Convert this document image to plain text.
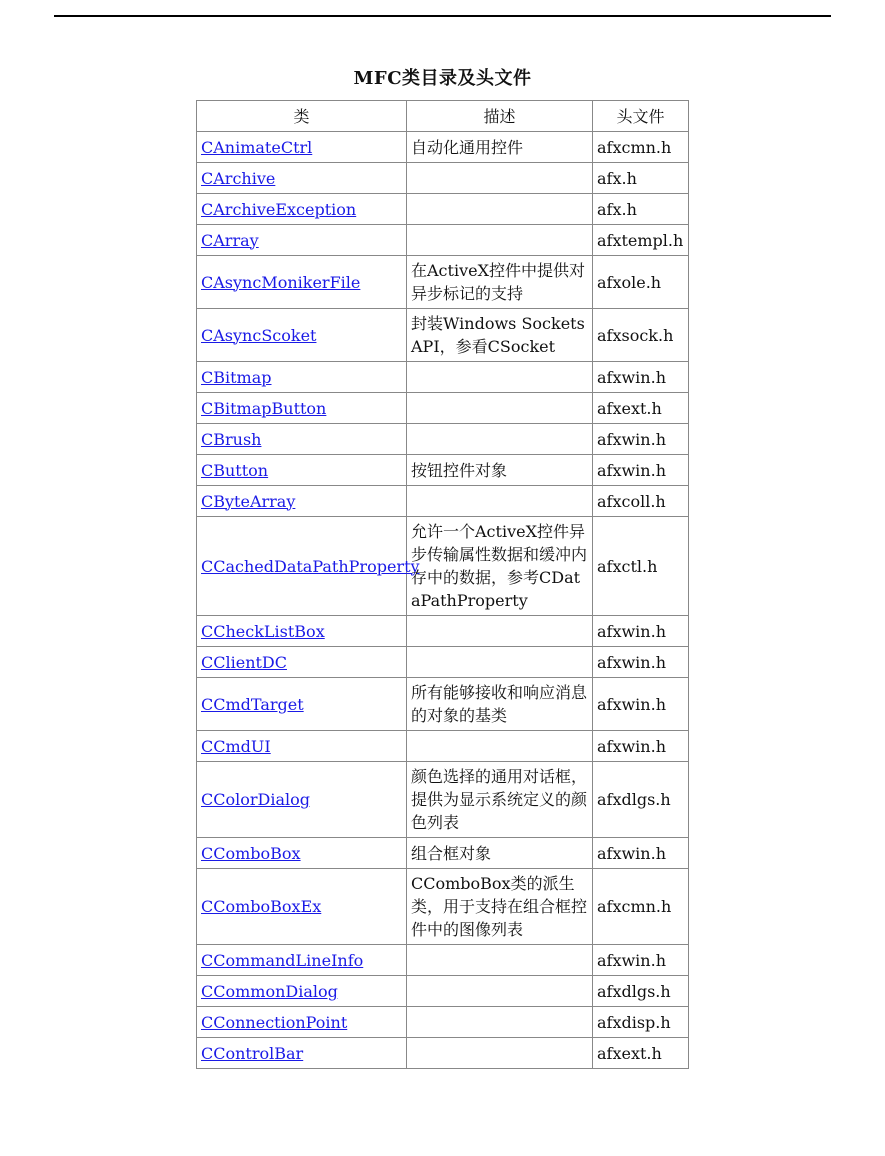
MFC类目录及头文件
类	描述	头文件
CAnimateCtrl	自动化通用控件	afxcmn.h
CArchive		afx.h
CArchiveException		afx.h
CArray		afxtempl.h
CAsyncMonikerFile	在ActiveX控件中提供对异步标记的支持	afxole.h
CAsyncScoket	封装Windows Sockets API，参看CSocket	afxsock.h
CBitmap		afxwin.h
CBitmapButton		afxext.h
CBrush		afxwin.h
CButton	按钮控件对象	afxwin.h
CByteArray		afxcoll.h
CCachedDataPathProperty	允许一个ActiveX控件异步传输属性数据和缓冲内存中的数据，参考CDataPathProperty	afxctl.h
CCheckListBox		afxwin.h
CClientDC		afxwin.h
CCmdTarget	所有能够接收和响应消息的对象的基类	afxwin.h
CCmdUI		afxwin.h
CColorDialog	颜色选择的通用对话框，提供为显示系统定义的颜色列表	afxdlgs.h
CComboBox	组合框对象	afxwin.h
CComboBoxEx	CComboBox类的派生类，用于支持在组合框控件中的图像列表	afxcmn.h
CCommandLineInfo		afxwin.h
CCommonDialog		afxdlgs.h
CConnectionPoint		afxdisp.h
CControlBar		afxext.h
